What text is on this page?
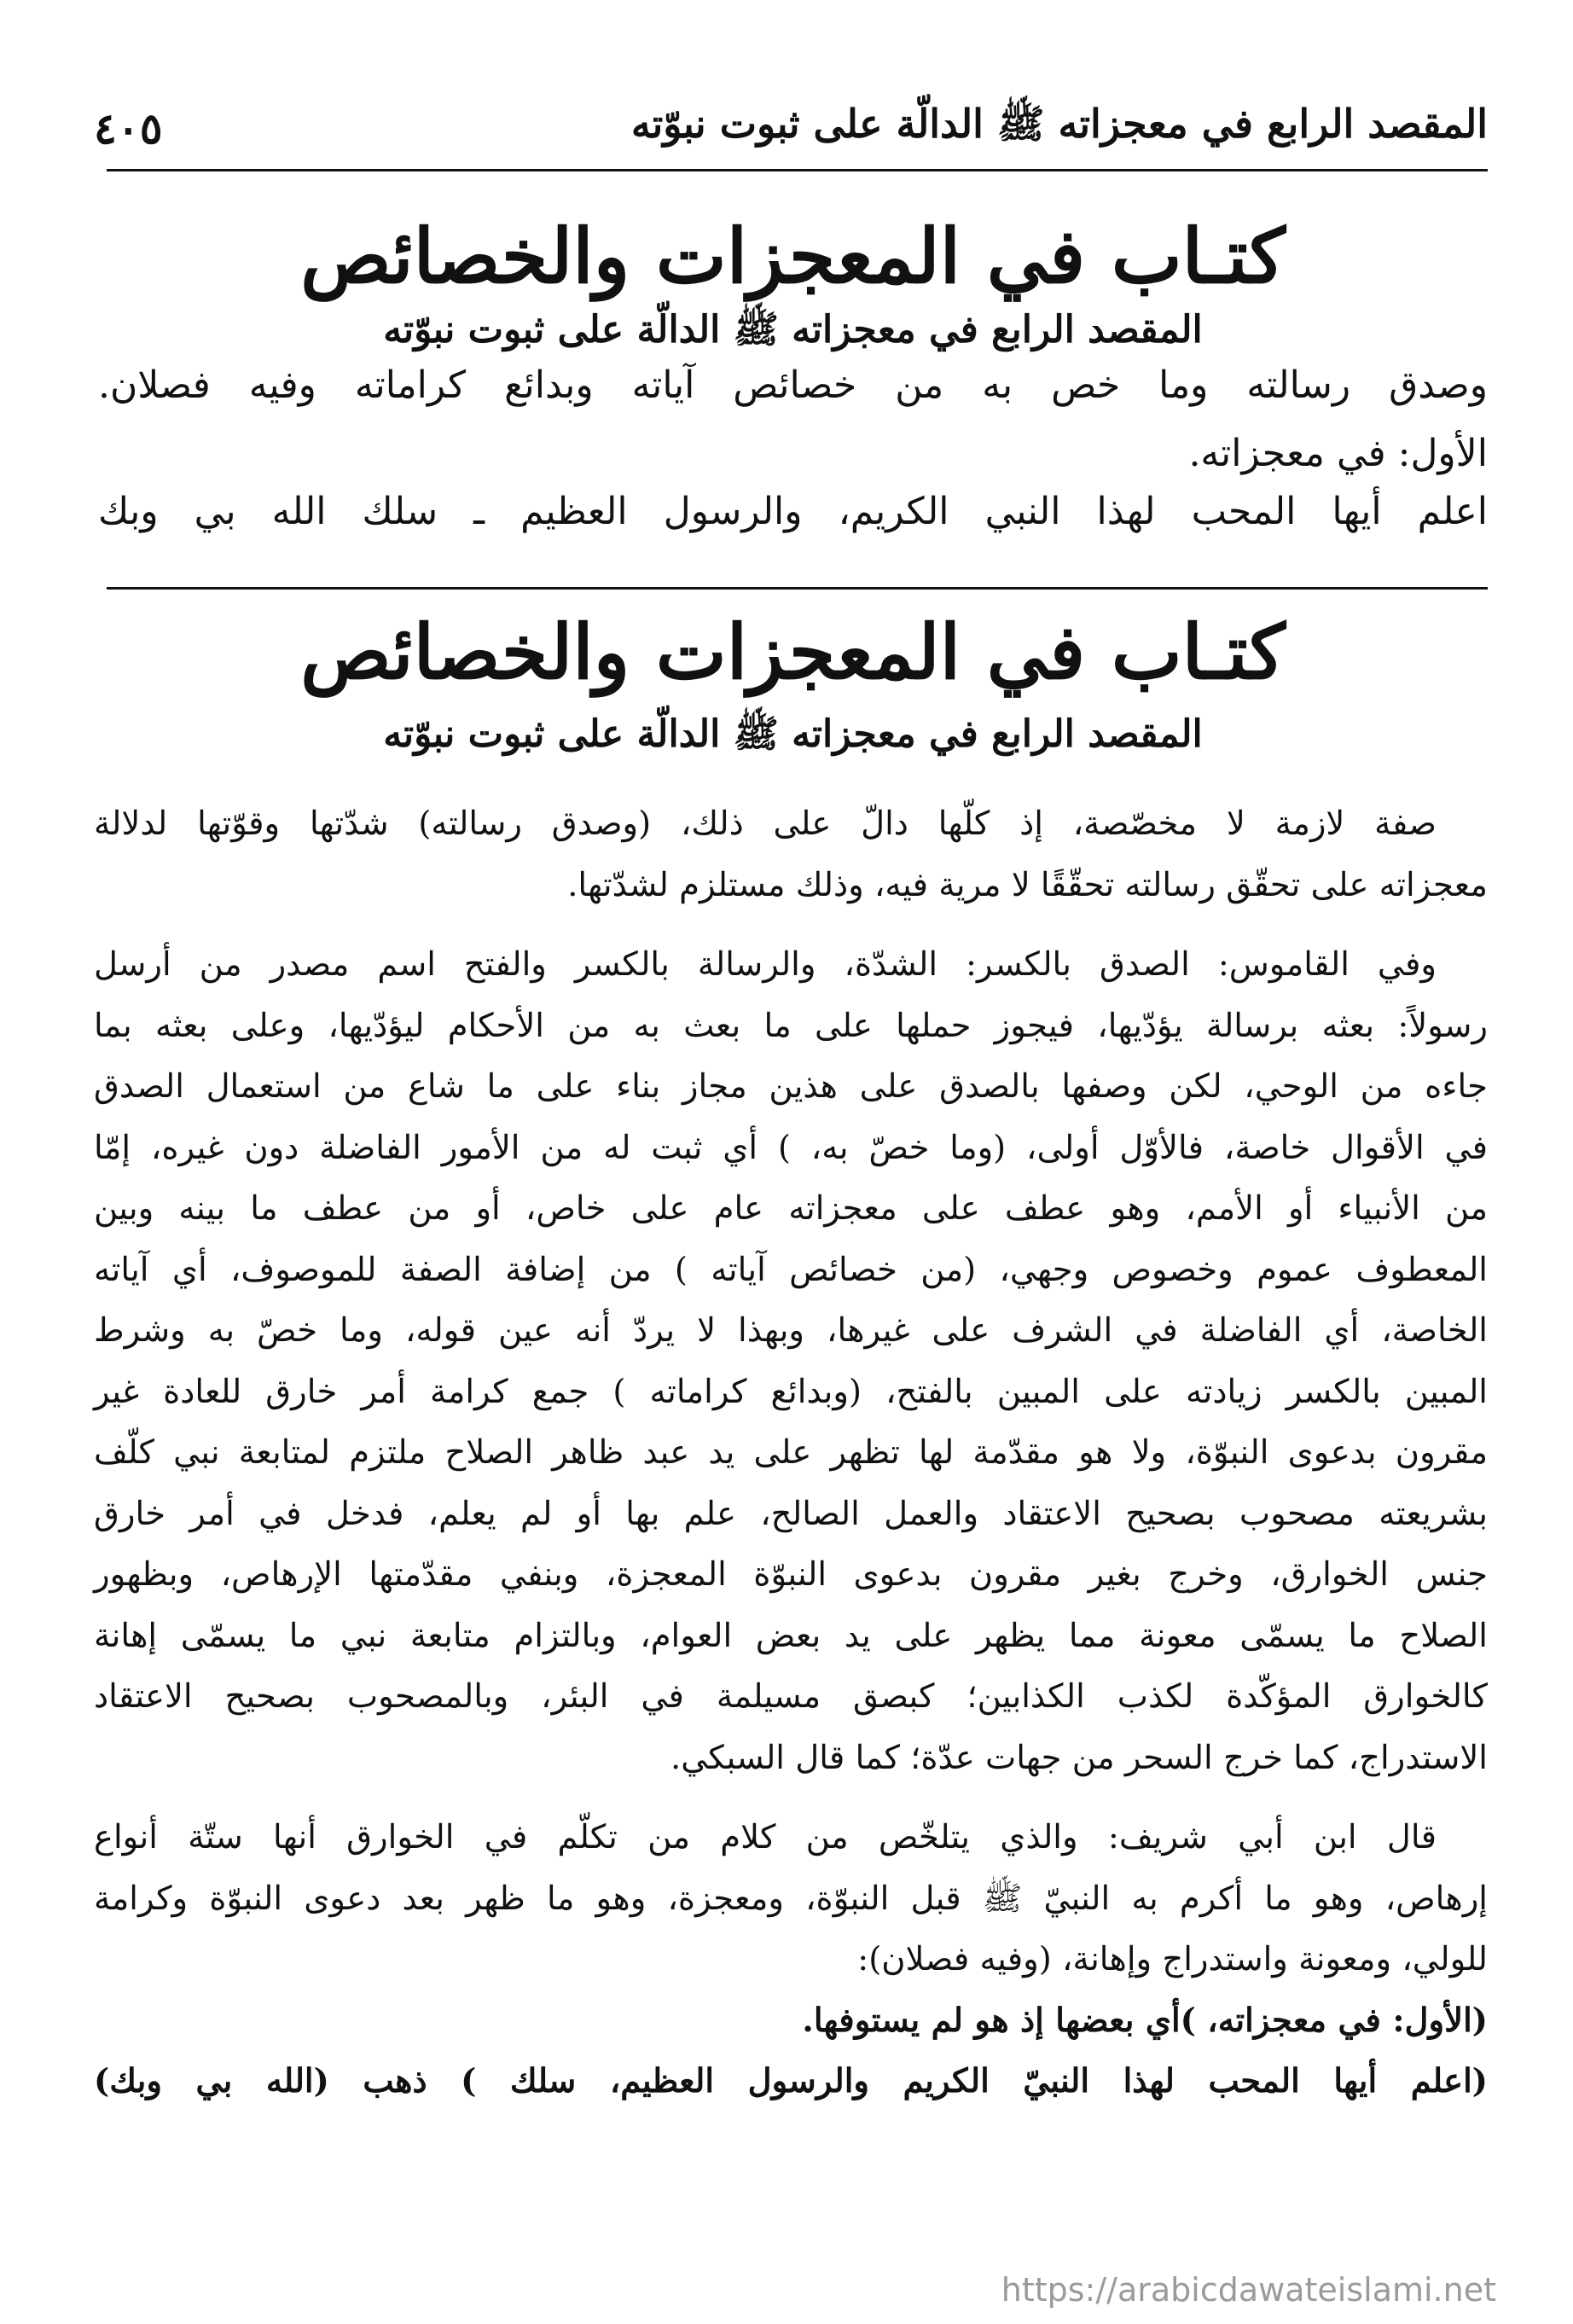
المقصد الرابع في معجزاته ﷺ الدالّة على ثبوت نبوّته
٤٠٥
كتـاب في المعجزات والخصائص
المقصد الرابع في معجزاته ﷺ الدالّة على ثبوت نبوّته
وصدق رسالته وما خص به من خصائص آياته وبدائع كراماته وفيه فصلان.
الأول: في معجزاته.
اعلم أيها المحب لهذا النبي الكريم، والرسول العظيم ـ سلك الله بي وبك
كتـاب في المعجزات والخصائص
المقصد الرابع في معجزاته ﷺ الدالّة على ثبوت نبوّته
صفة لازمة لا مخصّصة، إذ كلّها دالّ على ذلك، (وصدق رسالته) شدّتها وقوّتها لدلالة
معجزاته على تحقّق رسالته تحقّقًا لا مرية فيه، وذلك مستلزم لشدّتها.
وفي القاموس: الصدق بالكسر: الشدّة، والرسالة بالكسر والفتح اسم مصدر من أرسل
رسولاً: بعثه برسالة يؤدّيها، فيجوز حملها على ما بعث به من الأحكام ليؤدّيها، وعلى بعثه بما
جاءه من الوحي، لكن وصفها بالصدق على هذين مجاز بناء على ما شاع من استعمال الصدق
في الأقوال خاصة، فالأوّل أولى، (وما خصّ به، ) أي ثبت له من الأمور الفاضلة دون غيره، إمّا
من الأنبياء أو الأمم، وهو عطف على معجزاته عام على خاص، أو من عطف ما بينه وبين
المعطوف عموم وخصوص وجهي، (من خصائص آياته ) من إضافة الصفة للموصوف، أي آياته
الخاصة، أي الفاضلة في الشرف على غيرها، وبهذا لا يردّ أنه عين قوله، وما خصّ به وشرط
المبين بالكسر زيادته على المبين بالفتح، (وبدائع كراماته ) جمع كرامة أمر خارق للعادة غير
مقرون بدعوى النبوّة، ولا هو مقدّمة لها تظهر على يد عبد ظاهر الصلاح ملتزم لمتابعة نبي كلّف
بشريعته مصحوب بصحيح الاعتقاد والعمل الصالح، علم بها أو لم يعلم، فدخل في أمر خارق
جنس الخوارق، وخرج بغير مقرون بدعوى النبوّة المعجزة، وبنفي مقدّمتها الإرهاص، وبظهور
الصلاح ما يسمّى معونة مما يظهر على يد بعض العوام، وبالتزام متابعة نبي ما يسمّى إهانة
كالخوارق المؤكّدة لكذب الكذابين؛ كبصق مسيلمة في البئر، وبالمصحوب بصحيح الاعتقاد
الاستدراج، كما خرج السحر من جهات عدّة؛ كما قال السبكي.
قال ابن أبي شريف: والذي يتلخّص من كلام من تكلّم في الخوارق أنها ستّة أنواع
إرهاص، وهو ما أكرم به النبيّ ﷺ قبل النبوّة، ومعجزة، وهو ما ظهر بعد دعوى النبوّة وكرامة
للولي، ومعونة واستدراج وإهانة، (وفيه فصلان):
(الأول: في معجزاته، )أي بعضها إذ هو لم يستوفها.
(اعلم أيها المحب لهذا النبيّ الكريم والرسول العظيم، سلك ) ذهب (الله بي وبك)
https://arabicdawateislami.net
